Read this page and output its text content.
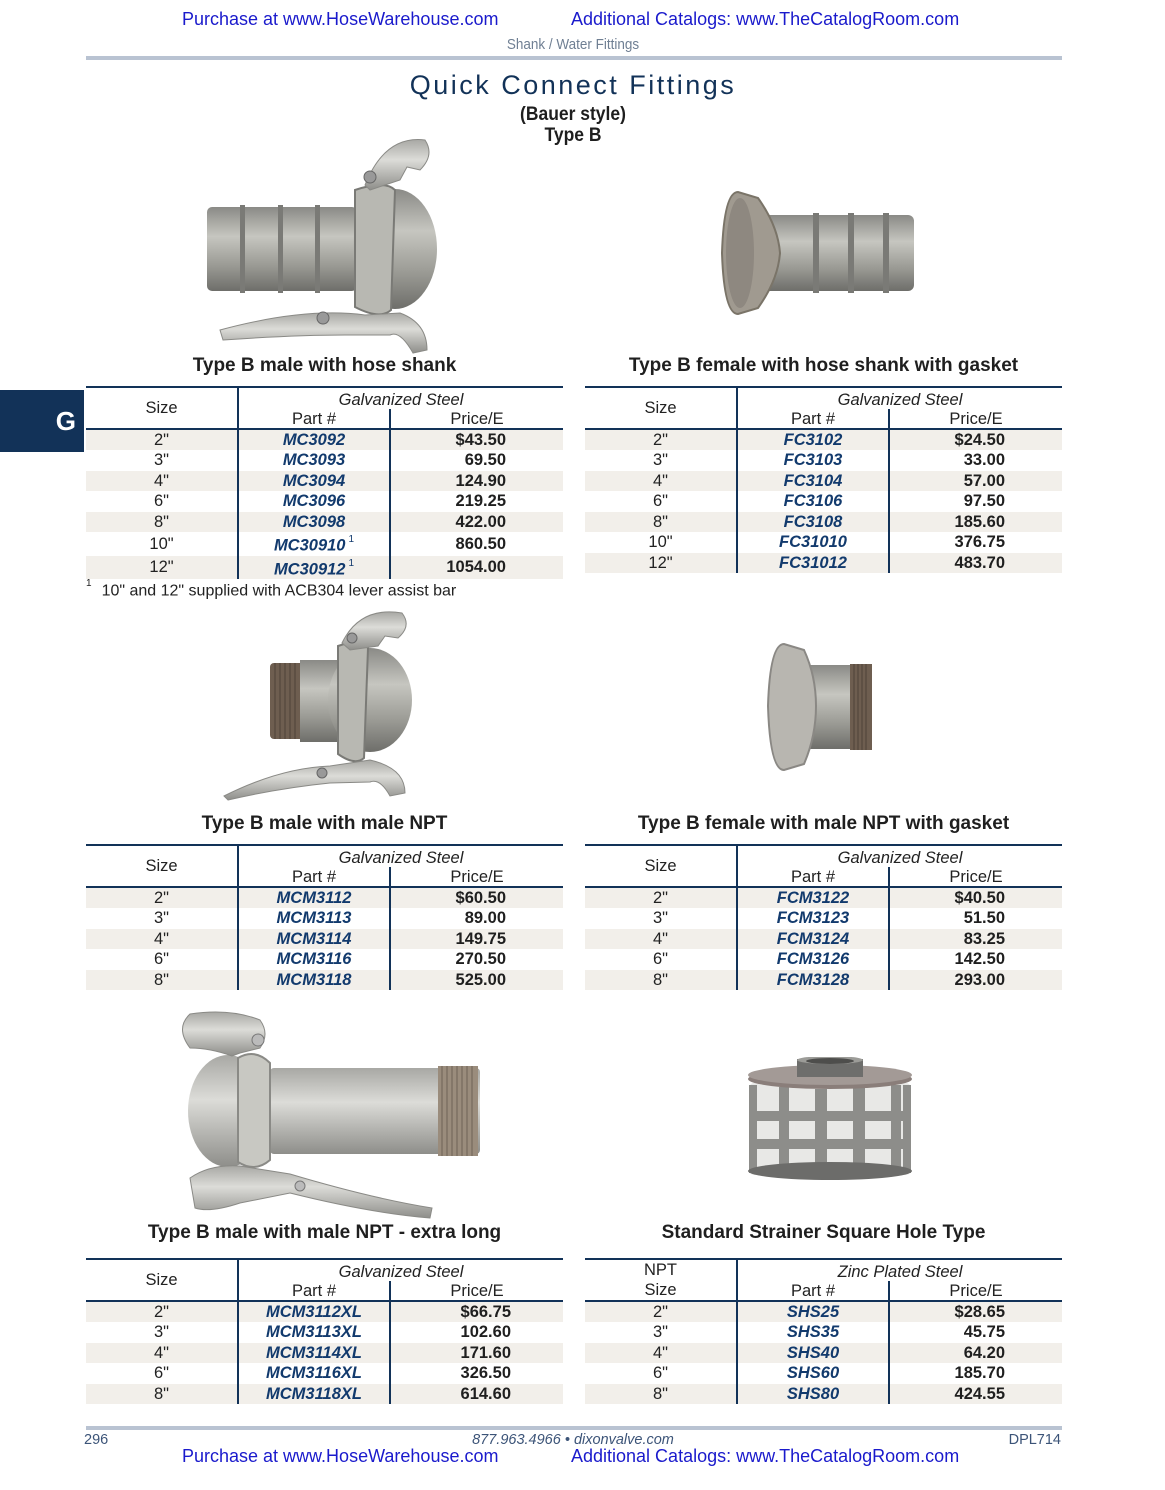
Purchase at www.HoseWarehouse.com	Additional Catalogs: www.TheCatalogRoom.com
Shank / Water Fittings
Quick Connect Fittings
(Bauer style)
Type B
G
Type B male with hose shank	Type B female with hose shank with gasket
Size	Galvanized Steel	
	Part #	Price/E
2"	MC3092	$43.50
3"	MC3093	69.50
4"	MC3094	124.90
6"	MC3096	219.25
8"	MC3098	422.00
10"	MC30910 $^1$	860.50
12"	MC30912 $^1$	1054.00
Size	Galvanized Steel	
	Part #	Price/E
2"	FC3102	$24.50
3"	FC3103	33.00
4"	FC3104	57.00
6"	FC3106	97.50
8"	FC3108	185.60
10"	FC31010	376.75
12"	FC31012	483.70
$^1$ 10" and 12" supplied with ACB304 lever assist bar
Type B male with male NPT	Type B female with male NPT with gasket
Size	Galvanized Steel	
	Part #	Price/E
2"	MCM3112	$60.50
3"	MCM3113	89.00
4"	MCM3114	149.75
6"	MCM3116	270.50
8"	MCM3118	525.00
Size	Galvanized Steel	
	Part #	Price/E
2"	FCM3122	$40.50
3"	FCM3123	51.50
4"	FCM3124	83.25
6"	FCM3126	142.50
8"	FCM3128	293.00
Type B male with male NPT - extra long	Standard Strainer Square Hole Type
Size	Galvanized Steel	
	Part #	Price/E
2"	MCM3112XL	$66.75
3"	MCM3113XL	102.60
4"	MCM3114XL	171.60
6"	MCM3116XL	326.50
8"	MCM3118XL	614.60
NPT
Size	Zinc Plated Steel	
	Part #	Price/E
2"	SHS25	$28.65
3"	SHS35	45.75
4"	SHS40	64.20
6"	SHS60	185.70
8"	SHS80	424.55
296	877.963.4966 • dixonvalve.com	DPL714
Purchase at www.HoseWarehouse.com	Additional Catalogs: www.TheCatalogRoom.com
